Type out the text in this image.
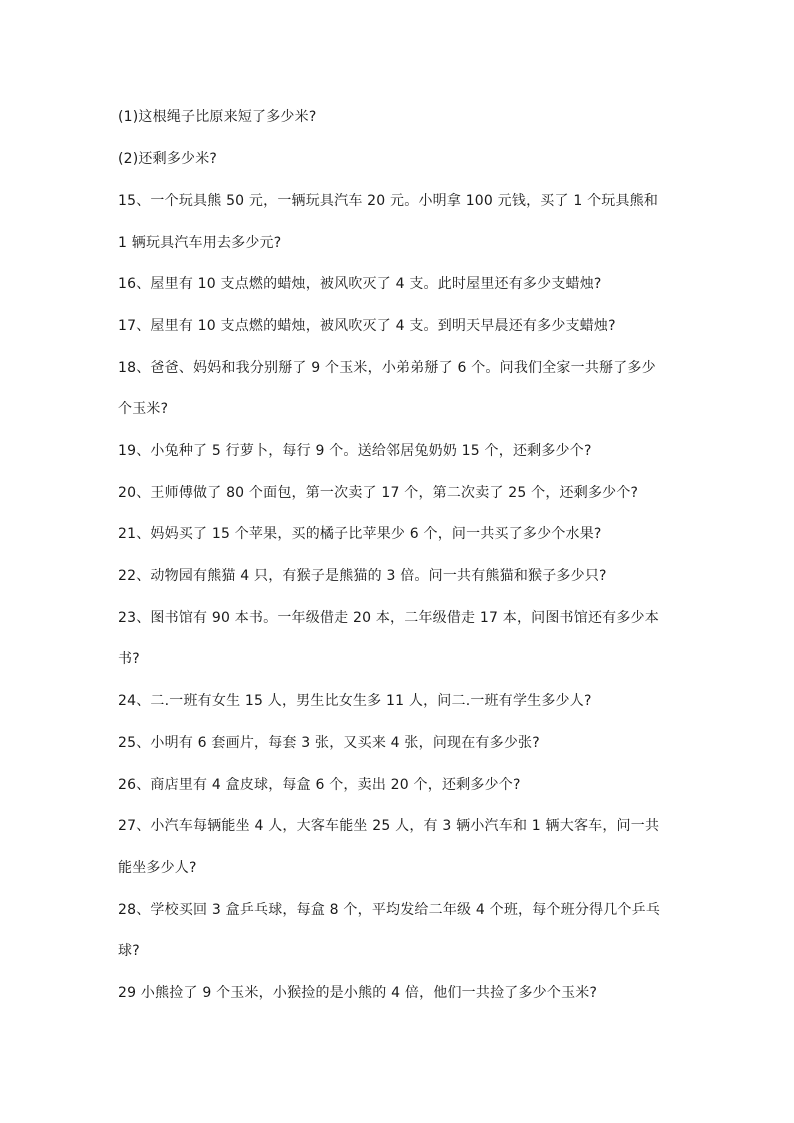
(1)这根绳子比原来短了多少米?
(2)还剩多少米?
15、一个玩具熊 50 元，一辆玩具汽车 20 元。小明拿 100 元钱，买了 1 个玩具熊和
1 辆玩具汽车用去多少元?
16、屋里有 10 支点燃的蜡烛，被风吹灭了 4 支。此时屋里还有多少支蜡烛?
17、屋里有 10 支点燃的蜡烛，被风吹灭了 4 支。到明天早晨还有多少支蜡烛?
18、爸爸、妈妈和我分别掰了 9 个玉米，小弟弟掰了 6 个。问我们全家一共掰了多少
个玉米?
19、小兔种了 5 行萝卜，每行 9 个。送给邻居兔奶奶 15 个，还剩多少个?
20、王师傅做了 80 个面包，第一次卖了 17 个，第二次卖了 25 个，还剩多少个?
21、妈妈买了 15 个苹果，买的橘子比苹果少 6 个，问一共买了多少个水果?
22、动物园有熊猫 4 只，有猴子是熊猫的 3 倍。问一共有熊猫和猴子多少只?
23、图书馆有 90 本书。一年级借走 20 本，二年级借走 17 本，问图书馆还有多少本
书?
24、二.一班有女生 15 人，男生比女生多 11 人，问二.一班有学生多少人?
25、小明有 6 套画片，每套 3 张，又买来 4 张，问现在有多少张?
26、商店里有 4 盒皮球，每盒 6 个，卖出 20 个，还剩多少个?
27、小汽车每辆能坐 4 人，大客车能坐 25 人，有 3 辆小汽车和 1 辆大客车，问一共
能坐多少人?
28、学校买回 3 盒乒乓球，每盒 8 个，平均发给二年级 4 个班，每个班分得几个乒乓
球?
29 小熊捡了 9 个玉米，小猴捡的是小熊的 4 倍，他们一共捡了多少个玉米?
